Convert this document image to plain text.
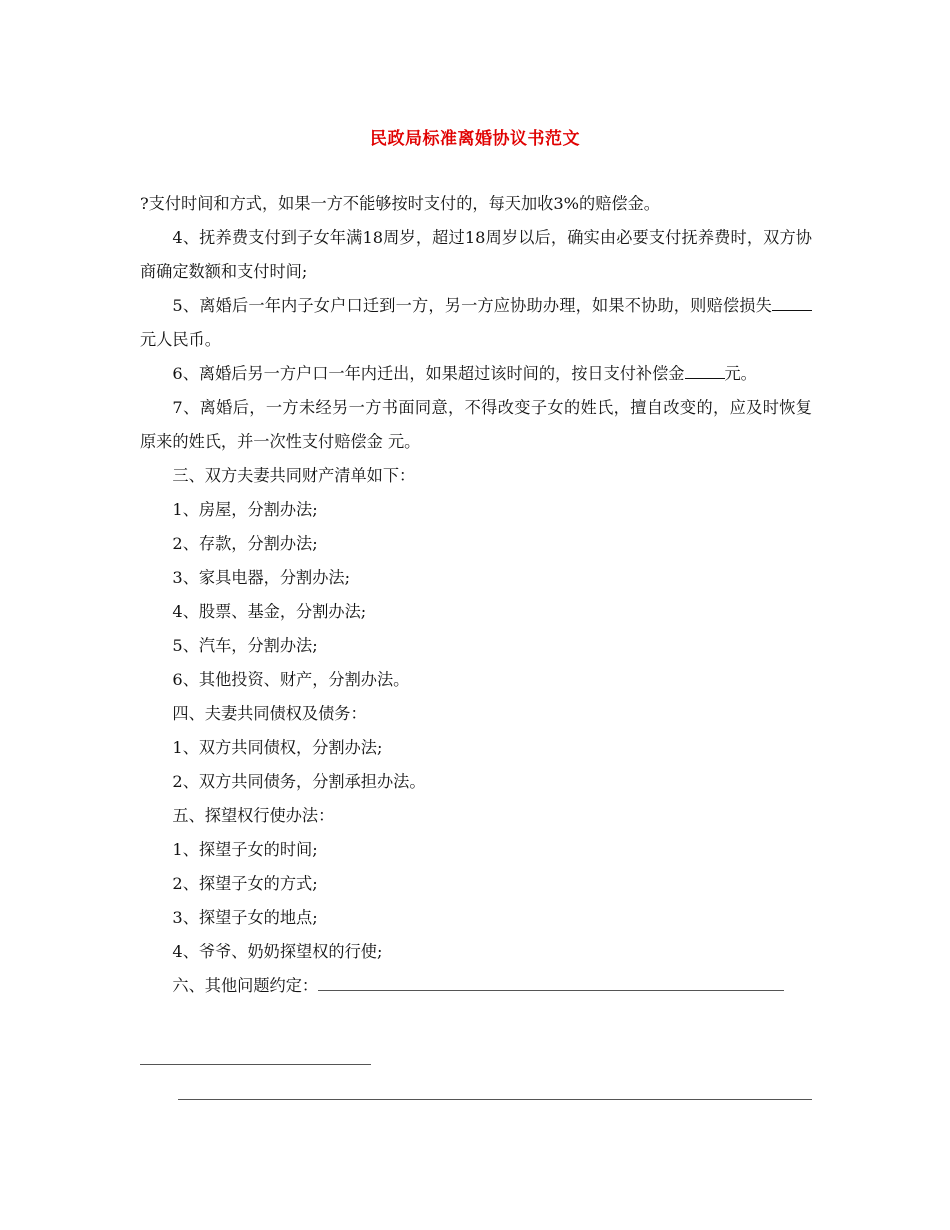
民政局标准离婚协议书范文

?支付时间和方式，如果一方不能够按时支付的，每天加收3%的赔偿金。

4、抚养费支付到子女年满18周岁，超过18周岁以后，确实由必要支付抚养费时，双方协商确定数额和支付时间;

5、离婚后一年内子女户口迁到一方，另一方应协助办理，如果不协助，则赔偿损失元人民币。

6、离婚后另一方户口一年内迁出，如果超过该时间的，按日支付补偿金 元。

7、离婚后，一方未经另一方书面同意，不得改变子女的姓氏，擅自改变的，应及时恢复原来的姓氏，并一次性支付赔偿金 元。

三、双方夫妻共同财产清单如下：

1、房屋，分割办法;

2、存款，分割办法;

3、家具电器，分割办法;

4、股票、基金，分割办法;

5、汽车，分割办法;

6、其他投资、财产，分割办法。

四、夫妻共同债权及债务：

1、双方共同债权，分割办法;

2、双方共同债务，分割承担办法。

五、探望权行使办法：

1、探望子女的时间;

2、探望子女的方式;

3、探望子女的地点;

4、爷爷、奶奶探望权的行使;

六、其他问题约定：
